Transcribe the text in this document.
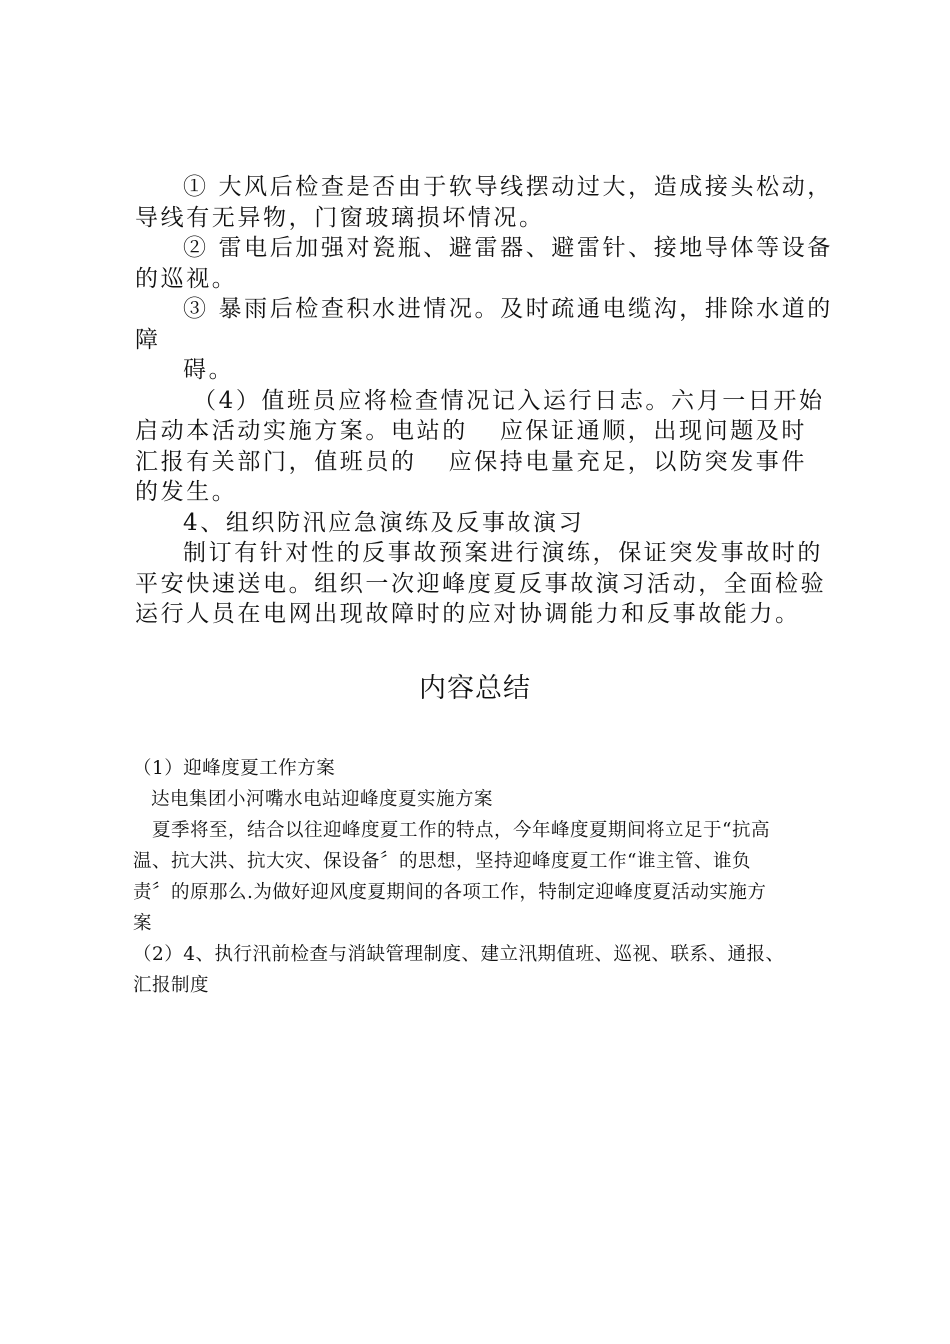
① 大风后检查是否由于软导线摆动过大，造成接头松动，

导线有无异物，门窗玻璃损坏情况。

② 雷电后加强对瓷瓶、避雷器、避雷针、接地导体等设备

的巡视。

③ 暴雨后检查积水进情况。及时疏通电缆沟，排除水道的

障

碍。

（4）值班员应将检查情况记入运行日志。六月一日开始

启动本活动实施方案。电站的 应保证通顺，出现问题及时

汇报有关部门，值班员的 应保持电量充足，以防突发事件

的发生。

4、组织防汛应急演练及反事故演习

制订有针对性的反事故预案进行演练，保证突发事故时的

平安快速送电。组织一次迎峰度夏反事故演习活动，全面检验

运行人员在电网出现故障时的应对协调能力和反事故能力。

内容总结

（1）迎峰度夏工作方案

达电集团小河嘴水电站迎峰度夏实施方案

夏季将至，结合以往迎峰度夏工作的特点，今年峰度夏期间将立足于“抗高

温、抗大洪、抗大灾、保设备〞的思想，坚持迎峰度夏工作“谁主管、谁负

责〞的原那么.为做好迎风度夏期间的各项工作，特制定迎峰度夏活动实施方

案

（2）4、执行汛前检查与消缺管理制度、建立汛期值班、巡视、联系、通报、

汇报制度
